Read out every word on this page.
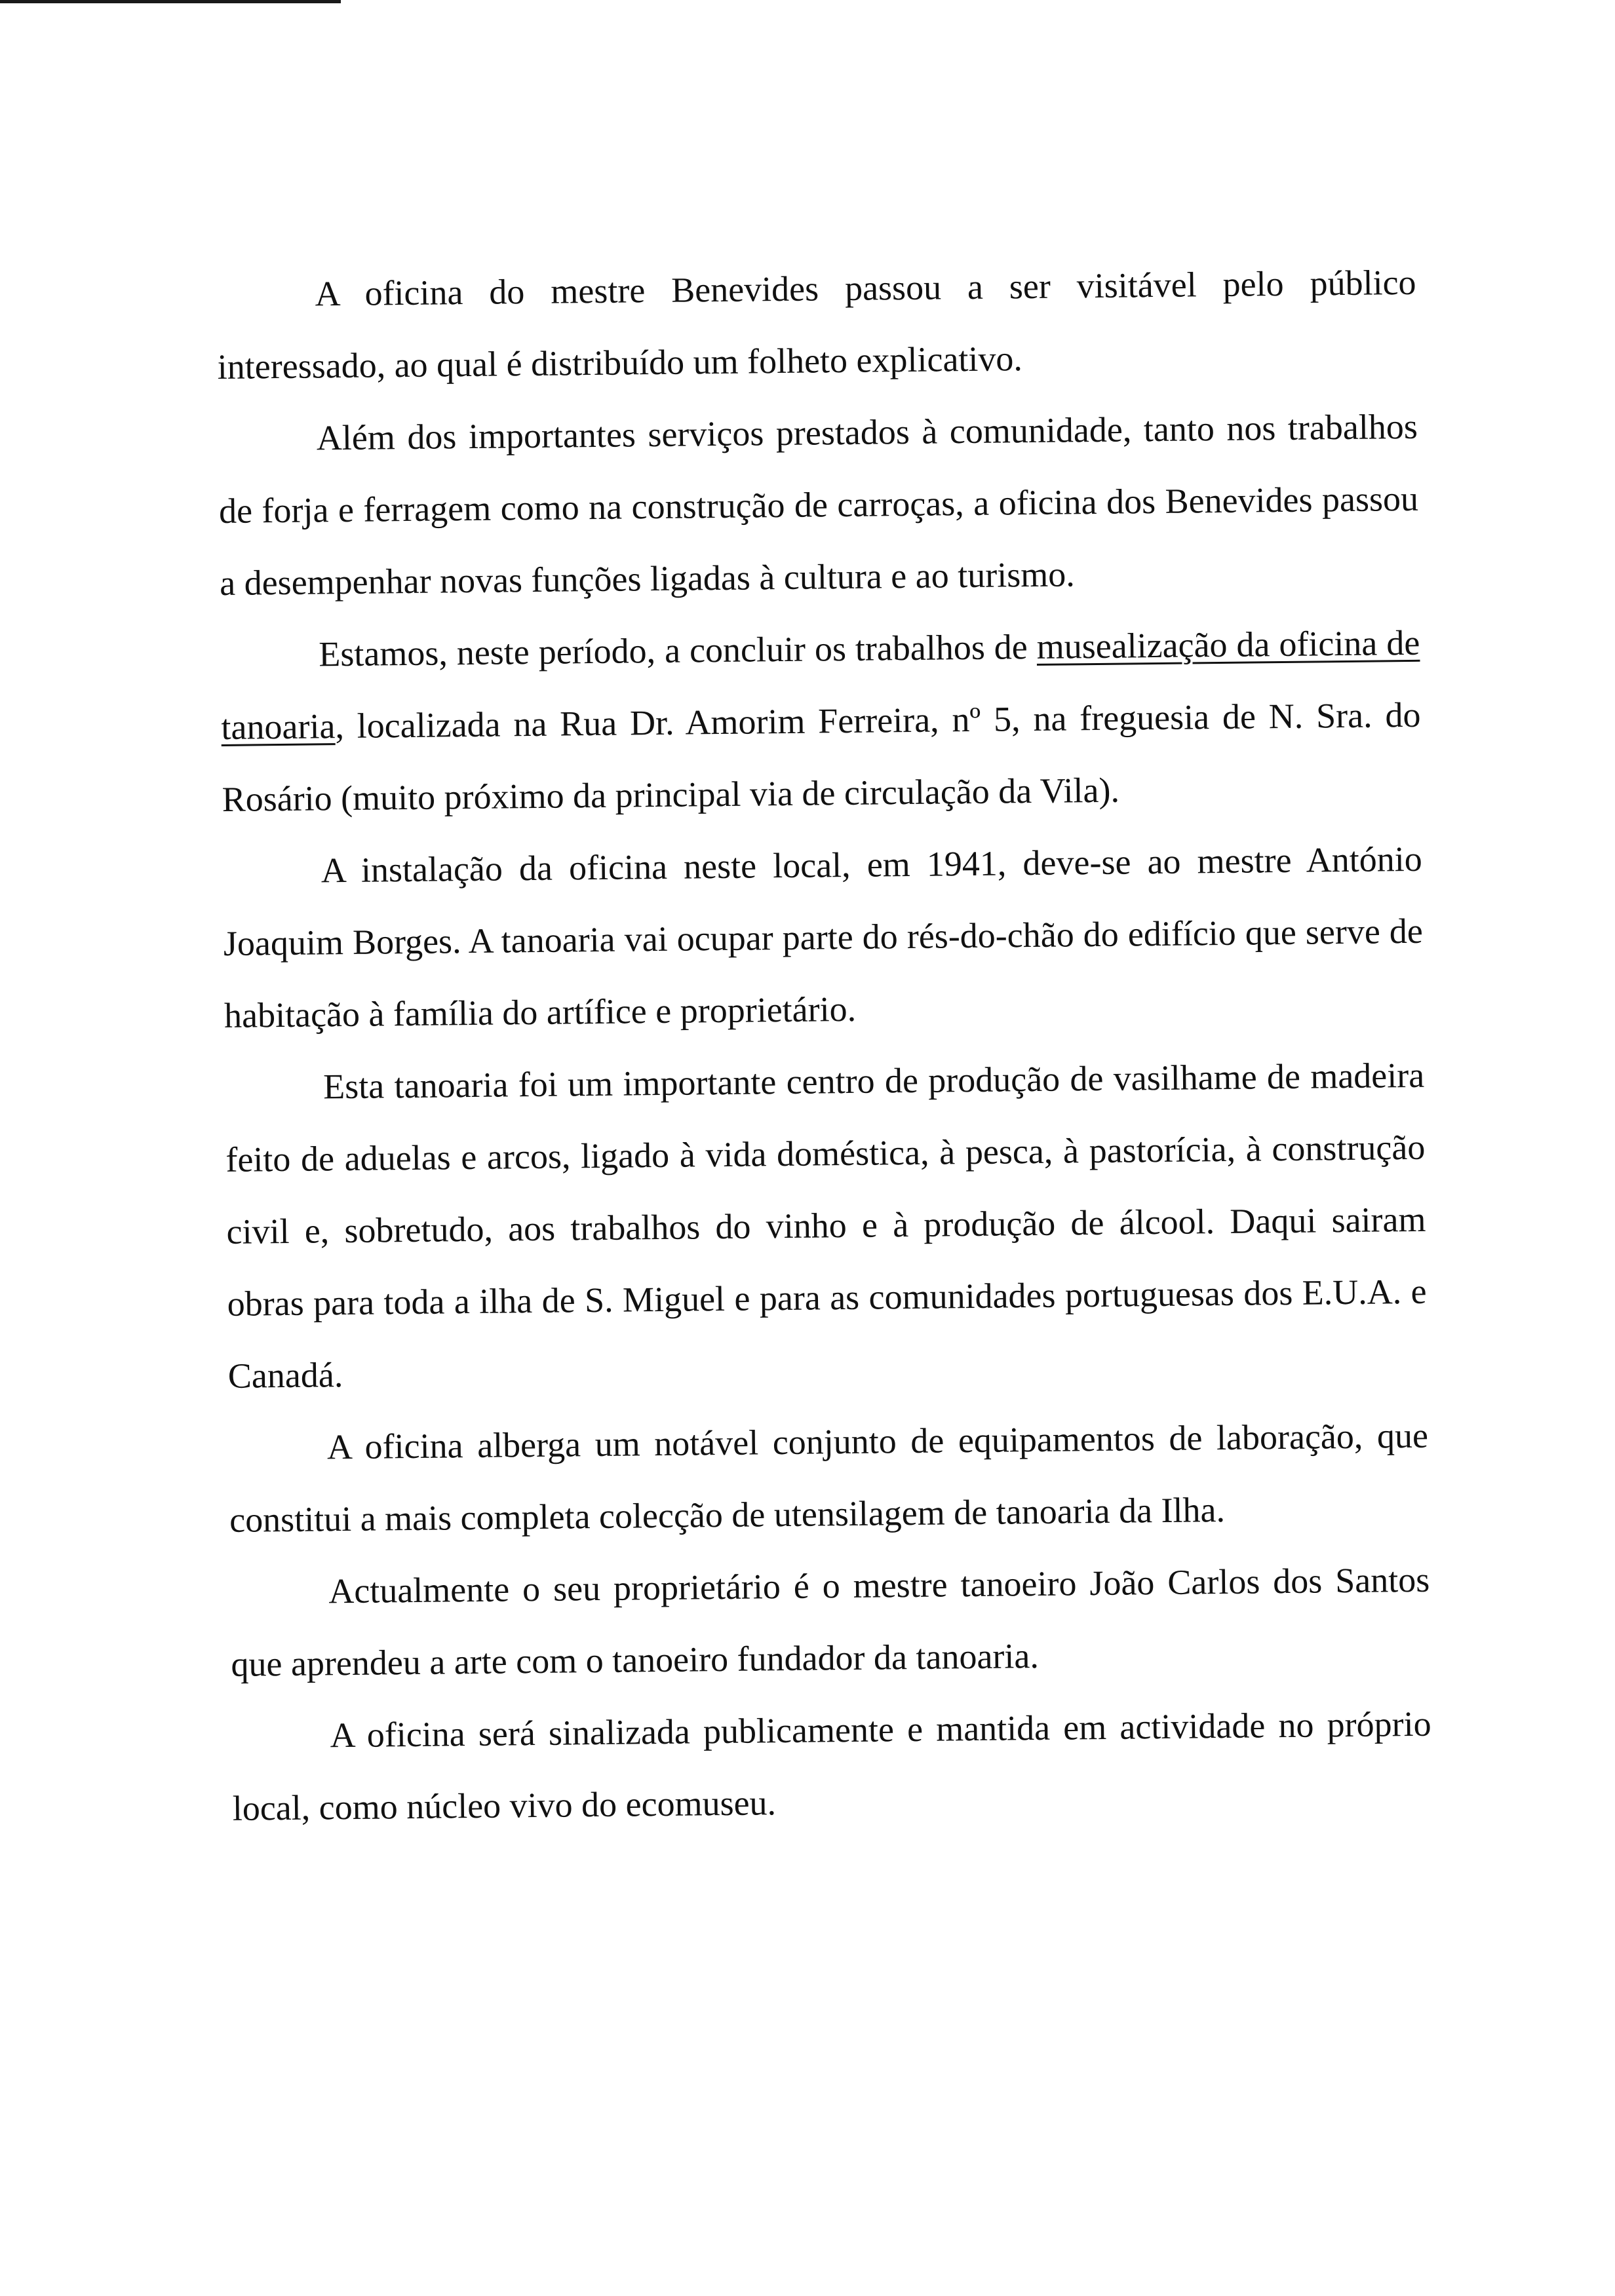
A oficina do mestre Benevides passou a ser visitável pelo público interessado, ao qual é distribuído um folheto explicativo.

Além dos importantes serviços prestados à comunidade, tanto nos trabalhos de forja e ferragem como na construção de carroças, a oficina dos Benevides passou a desempenhar novas funções ligadas à cultura e ao turismo.

Estamos, neste período, a concluir os trabalhos de musealização da oficina de tanoaria, localizada na Rua Dr. Amorim Ferreira, nº 5, na freguesia de N. Sra. do Rosário (muito próximo da principal via de circulação da Vila).

A instalação da oficina neste local, em 1941, deve-se ao mestre António Joaquim Borges. A tanoaria vai ocupar parte do rés-do-chão do edifício que serve de habitação à família do artífice e proprietário.

Esta tanoaria foi um importante centro de produção de vasilhame de madeira feito de aduelas e arcos, ligado à vida doméstica, à pesca, à pastorícia, à construção civil e, sobretudo, aos trabalhos do vinho e à produção de álcool. Daqui sairam obras para toda a ilha de S. Miguel e para as comunidades portuguesas dos E.U.A. e Canadá.

A oficina alberga um notável conjunto de equipamentos de laboração, que constitui a mais completa colecção de utensilagem de tanoaria da Ilha.

Actualmente o seu proprietário é o mestre tanoeiro João Carlos dos Santos que aprendeu a arte com o tanoeiro fundador da tanoaria.

A oficina será sinalizada publicamente e mantida em actividade no próprio local, como núcleo vivo do ecomuseu.
